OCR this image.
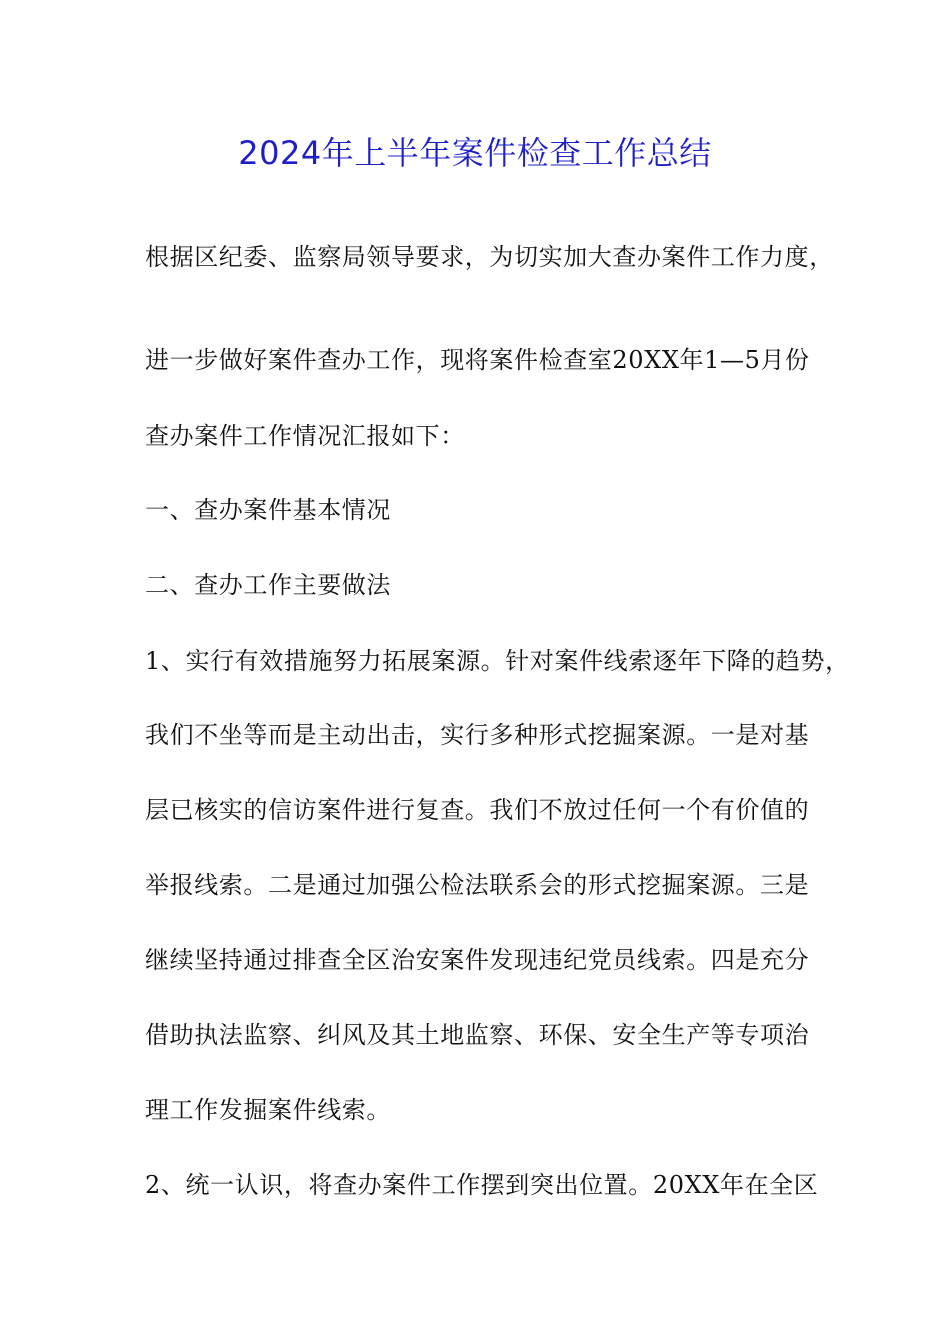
2024年上半年案件检查工作总结
根据区纪委、监察局领导要求，为切实加大查办案件工作力度，
进一步做好案件查办工作，现将案件检查室20XX年1—5月份
查办案件工作情况汇报如下：
一、查办案件基本情况
二、查办工作主要做法
1、实行有效措施努力拓展案源。针对案件线索逐年下降的趋势，
我们不坐等而是主动出击，实行多种形式挖掘案源。一是对基
层已核实的信访案件进行复查。我们不放过任何一个有价值的
举报线索。二是通过加强公检法联系会的形式挖掘案源。三是
继续坚持通过排查全区治安案件发现违纪党员线索。四是充分
借助执法监察、纠风及其土地监察、环保、安全生产等专项治
理工作发掘案件线索。
2、统一认识，将查办案件工作摆到突出位置。20XX年在全区
